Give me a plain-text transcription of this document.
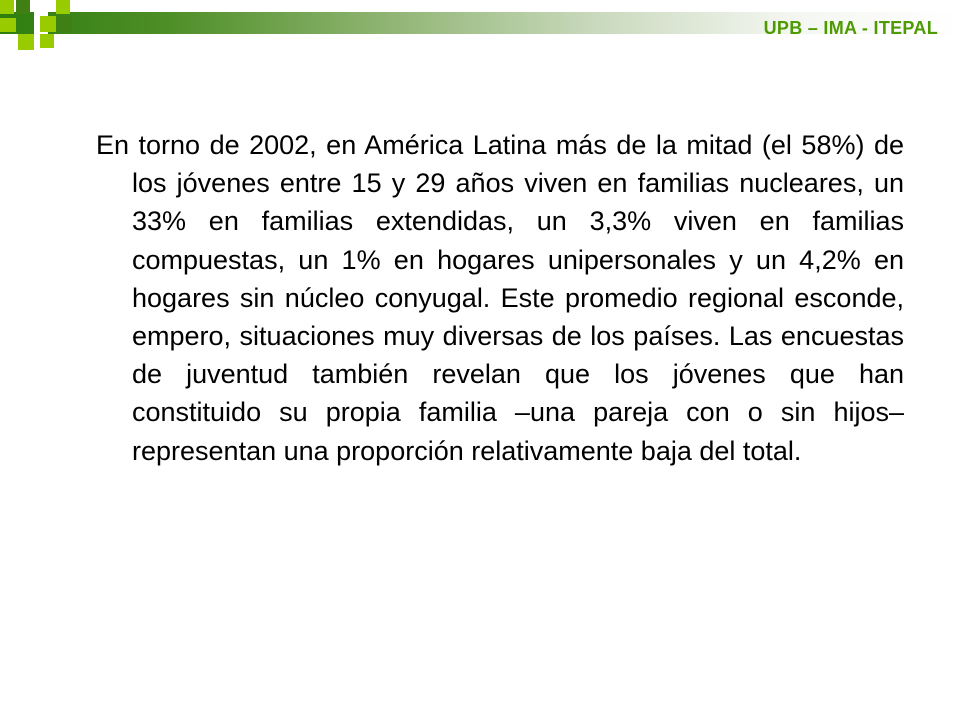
UPB – IMA - ITEPAL

En torno de 2002, en América Latina más de la mitad (el 58%) de los jóvenes entre 15 y 29 años viven en familias nucleares, un 33% en familias extendidas, un 3,3% viven en familias compuestas, un 1% en hogares unipersonales y un 4,2% en hogares sin núcleo conyugal. Este promedio regional esconde, empero, situaciones muy diversas de los países. Las encuestas de juventud también revelan que los jóvenes que han constituido su propia familia –una pareja con o sin hijos– representan una proporción relativamente baja del total.
